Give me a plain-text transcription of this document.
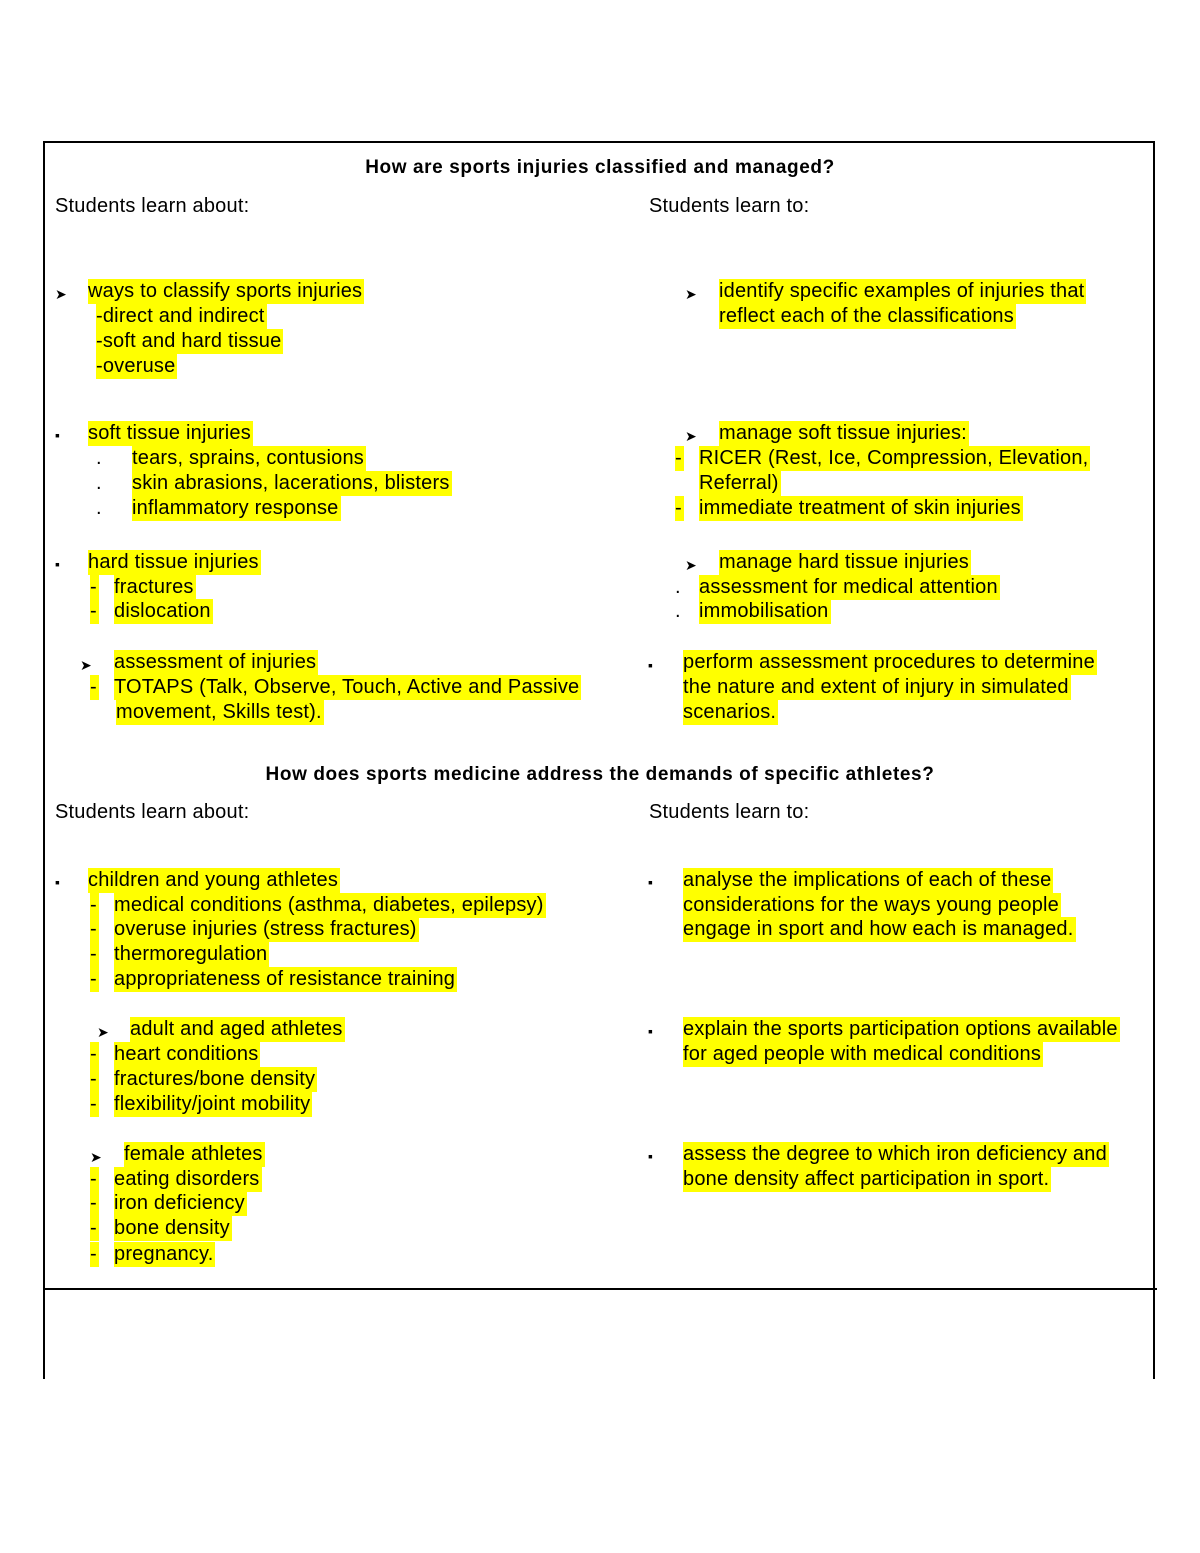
How are sports injuries classified and managed?
Students learn about:	Students learn to:
➤ ways to classify sports injuries
-direct and indirect
-soft and hard tissue
-overuse
▪ soft tissue injuries
. tears, sprains, contusions
. skin abrasions, lacerations, blisters
. inflammatory response
▪ hard tissue injuries
- fractures
- dislocation
➤ assessment of injuries
- TOTAPS (Talk, Observe, Touch, Active and Passive
movement, Skills test).
➤ identify specific examples of injuries that
reflect each of the classifications
➤ manage soft tissue injuries:
- RICER (Rest, Ice, Compression, Elevation,
Referral)
- immediate treatment of skin injuries
➤ manage hard tissue injuries
. assessment for medical attention
. immobilisation
▪ perform assessment procedures to determine
the nature and extent of injury in simulated
scenarios.
How does sports medicine address the demands of specific athletes?
Students learn about:	Students learn to:
▪ children and young athletes
- medical conditions (asthma, diabetes, epilepsy)
- overuse injuries (stress fractures)
- thermoregulation
- appropriateness of resistance training
➤ adult and aged athletes
- heart conditions
- fractures/bone density
- flexibility/joint mobility
➤ female athletes
- eating disorders
- iron deficiency
- bone density
- pregnancy.
▪ analyse the implications of each of these
considerations for the ways young people
engage in sport and how each is managed.
▪ explain the sports participation options available
for aged people with medical conditions
▪ assess the degree to which iron deficiency and
bone density affect participation in sport.
